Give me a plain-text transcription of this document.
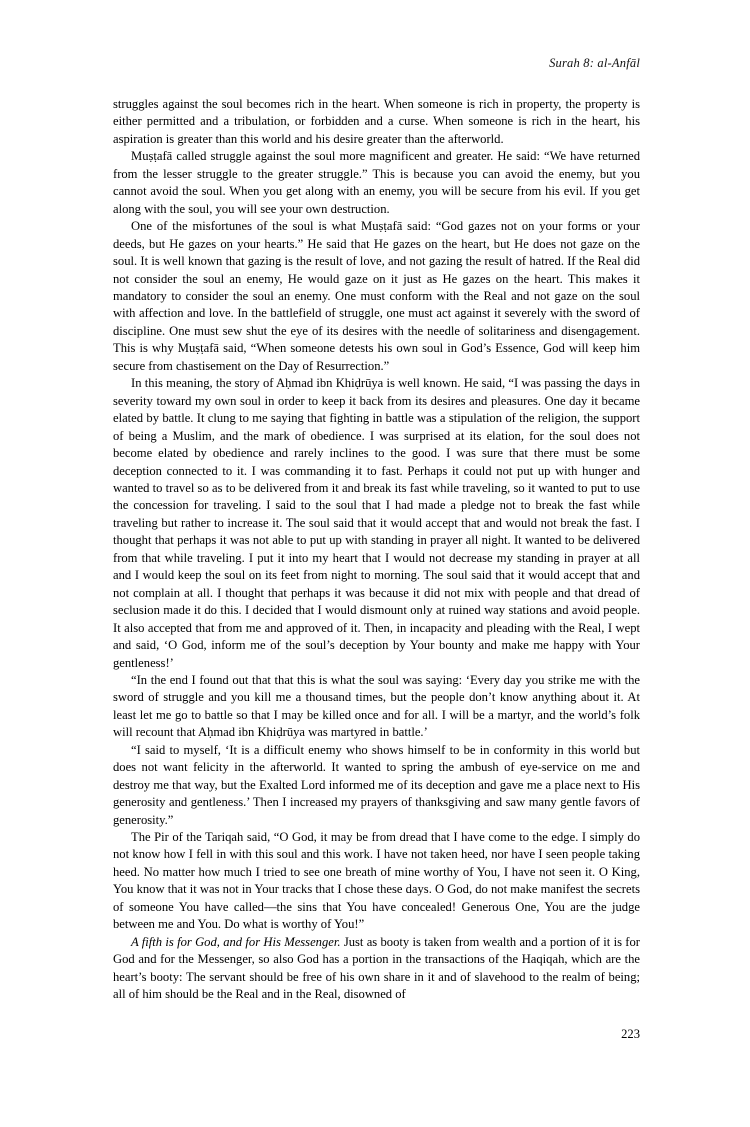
Surah 8: al-Anfāl

struggles against the soul becomes rich in the heart. When someone is rich in property, the property is either permitted and a tribulation, or forbidden and a curse. When someone is rich in the heart, his aspiration is greater than this world and his desire greater than the afterworld.

Muṣṭafā called struggle against the soul more magnificent and greater. He said: “We have returned from the lesser struggle to the greater struggle.” This is because you can avoid the enemy, but you cannot avoid the soul. When you get along with an enemy, you will be secure from his evil. If you get along with the soul, you will see your own destruction.

One of the misfortunes of the soul is what Muṣṭafā said: “God gazes not on your forms or your deeds, but He gazes on your hearts.” He said that He gazes on the heart, but He does not gaze on the soul. It is well known that gazing is the result of love, and not gazing the result of hatred. If the Real did not consider the soul an enemy, He would gaze on it just as He gazes on the heart. This makes it mandatory to consider the soul an enemy. One must conform with the Real and not gaze on the soul with affection and love. In the battlefield of struggle, one must act against it severely with the sword of discipline. One must sew shut the eye of its desires with the needle of solitariness and disengagement. This is why Muṣṭafā said, “When someone detests his own soul in God’s Essence, God will keep him secure from chastisement on the Day of Resurrection.”

In this meaning, the story of Aḥmad ibn Khiḍrūya is well known. He said, “I was passing the days in severity toward my own soul in order to keep it back from its desires and pleasures. One day it became elated by battle. It clung to me saying that fighting in battle was a stipulation of the religion, the support of being a Muslim, and the mark of obedience. I was surprised at its elation, for the soul does not become elated by obedience and rarely inclines to the good. I was sure that there must be some deception connected to it. I was commanding it to fast. Perhaps it could not put up with hunger and wanted to travel so as to be delivered from it and break its fast while traveling, so it wanted to put to use the concession for traveling. I said to the soul that I had made a pledge not to break the fast while traveling but rather to increase it. The soul said that it would accept that and would not break the fast. I thought that perhaps it was not able to put up with standing in prayer all night. It wanted to be delivered from that while traveling. I put it into my heart that I would not decrease my standing in prayer at all and I would keep the soul on its feet from night to morning. The soul said that it would accept that and not complain at all. I thought that perhaps it was because it did not mix with people and that dread of seclusion made it do this. I decided that I would dismount only at ruined way stations and avoid people. It also accepted that from me and approved of it. Then, in incapacity and pleading with the Real, I wept and said, ‘O God, inform me of the soul’s deception by Your bounty and make me happy with Your gentleness!’

“In the end I found out that that this is what the soul was saying: ‘Every day you strike me with the sword of struggle and you kill me a thousand times, but the people don’t know anything about it. At least let me go to battle so that I may be killed once and for all. I will be a martyr, and the world’s folk will recount that Aḥmad ibn Khiḍrūya was martyred in battle.’

“I said to myself, ‘It is a difficult enemy who shows himself to be in conformity in this world but does not want felicity in the afterworld. It wanted to spring the ambush of eye-service on me and destroy me that way, but the Exalted Lord informed me of its deception and gave me a place next to His generosity and gentleness.’ Then I increased my prayers of thanksgiving and saw many gentle favors of generosity.”

The Pir of the Tariqah said, “O God, it may be from dread that I have come to the edge. I simply do not know how I fell in with this soul and this work. I have not taken heed, nor have I seen people taking heed. No matter how much I tried to see one breath of mine worthy of You, I have not seen it. O King, You know that it was not in Your tracks that I chose these days. O God, do not make manifest the secrets of someone You have called—the sins that You have concealed! Generous One, You are the judge between me and You. Do what is worthy of You!”

A fifth is for God, and for His Messenger. Just as booty is taken from wealth and a portion of it is for God and for the Messenger, so also God has a portion in the transactions of the Haqiqah, which are the heart’s booty: The servant should be free of his own share in it and of slavehood to the realm of being; all of him should be the Real and in the Real, disowned of

223
